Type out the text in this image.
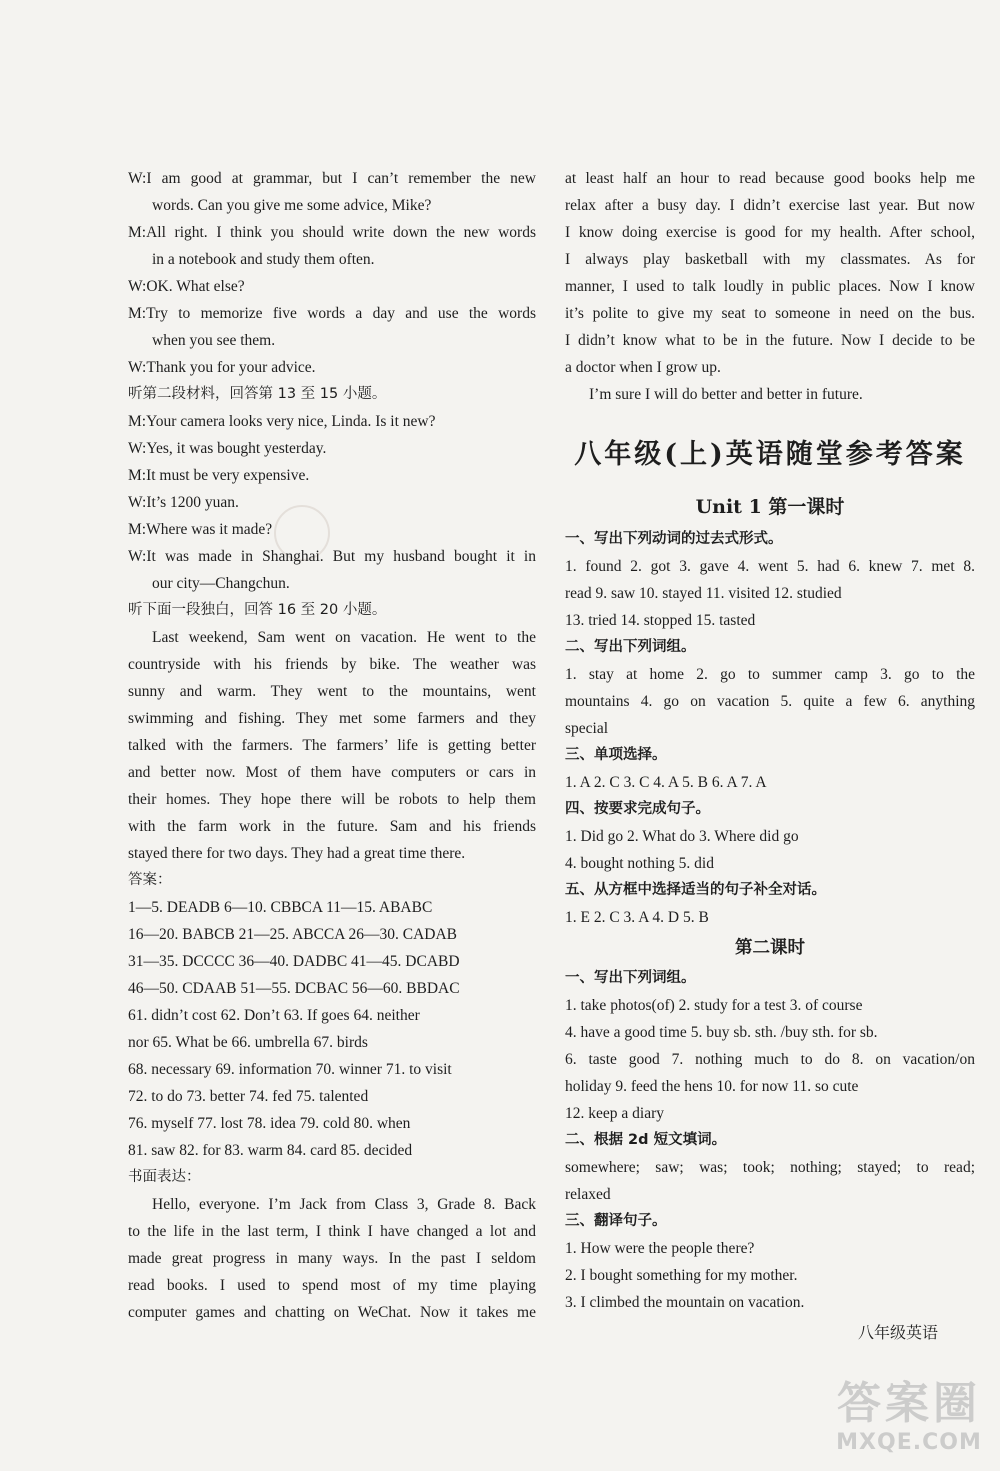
W:I am good at grammar, but I can’t remember the new
words. Can you give me some advice, Mike?
M:All right. I think you should write down the new words
in a notebook and study them often.
W:OK. What else?
M:Try to memorize five words a day and use the words
when you see them.
W:Thank you for your advice.
听第二段材料，回答第 13 至 15 小题。
M:Your camera looks very nice, Linda. Is it new?
W:Yes, it was bought yesterday.
M:It must be very expensive.
W:It’s 1200 yuan.
M:Where was it made?
W:It was made in Shanghai. But my husband bought it in
our city—Changchun.
听下面一段独白，回答 16 至 20 小题。
Last weekend, Sam went on vacation. He went to the
countryside with his friends by bike. The weather was
sunny and warm. They went to the mountains, went
swimming and fishing. They met some farmers and they
talked with the farmers. The farmers’ life is getting better
and better now. Most of them have computers or cars in
their homes. They hope there will be robots to help them
with the farm work in the future. Sam and his friends
stayed there for two days. They had a great time there.
答案：
1—5. DEADB 6—10. CBBCA 11—15. ABABC
16—20. BABCB 21—25. ABCCA 26—30. CADAB
31—35. DCCCC 36—40. DADBC 41—45. DCABD
46—50. CDAAB 51—55. DCBAC 56—60. BBDAC
61. didn’t cost 62. Don’t 63. If goes 64. neither
nor 65. What be 66. umbrella 67. birds
68. necessary 69. information 70. winner 71. to visit
72. to do 73. better 74. fed 75. talented
76. myself 77. lost 78. idea 79. cold 80. when
81. saw 82. for 83. warm 84. card 85. decided
书面表达：
Hello, everyone. I’m Jack from Class 3, Grade 8. Back
to the life in the last term, I think I have changed a lot and
made great progress in many ways. In the past I seldom
read books. I used to spend most of my time playing
computer games and chatting on WeChat. Now it takes me
at least half an hour to read because good books help me
relax after a busy day. I didn’t exercise last year. But now
I know doing exercise is good for my health. After school,
I always play basketball with my classmates. As for
manner, I used to talk loudly in public places. Now I know
it’s polite to give my seat to someone in need on the bus.
I didn’t know what to be in the future. Now I decide to be
a doctor when I grow up.
I’m sure I will do better and better in future.
八年级(上)英语随堂参考答案
Unit 1 第一课时
一、写出下列动词的过去式形式。
1. found 2. got 3. gave 4. went 5. had 6. knew 7. met 8.
read 9. saw 10. stayed 11. visited 12. studied
13. tried 14. stopped 15. tasted
二、写出下列词组。
1. stay at home 2. go to summer camp 3. go to the
mountains 4. go on vacation 5. quite a few 6. anything
special
三、单项选择。
1. A 2. C 3. C 4. A 5. B 6. A 7. A
四、按要求完成句子。
1. Did go 2. What do 3. Where did go
4. bought nothing 5. did
五、从方框中选择适当的句子补全对话。
1. E 2. C 3. A 4. D 5. B
第二课时
一、写出下列词组。
1. take photos(of) 2. study for a test 3. of course
4. have a good time 5. buy sb. sth. /buy sth. for sb.
6. taste good 7. nothing much to do 8. on vacation/on
holiday 9. feed the hens 10. for now 11. so cute
12. keep a diary
二、根据 2d 短文填词。
somewhere; saw; was; took; nothing; stayed; to read;
relaxed
三、翻译句子。
1. How were the people there?
2. I bought something for my mother.
3. I climbed the mountain on vacation.
八年级英语
答案圈
MXQE.COM
